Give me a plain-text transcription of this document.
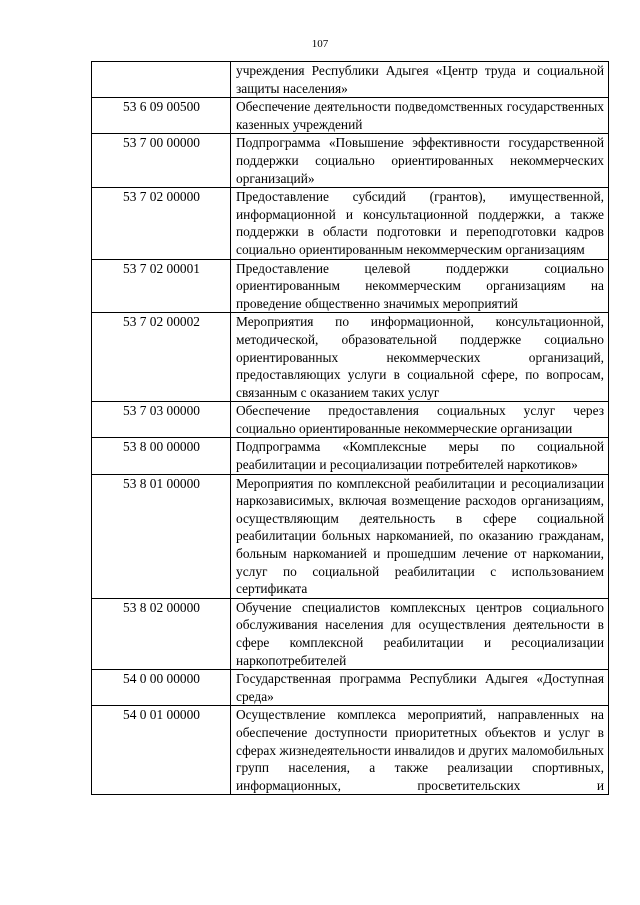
107
	учреждения Республики Адыгея «Центр труда и социальной защиты населения»
53 6 09 00500	Обеспечение деятельности подведомственных государственных казенных учреждений
53 7 00 00000	Подпрограмма «Повышение эффективности государственной поддержки социально ориентированных некоммерческих организаций»
53 7 02 00000	Предоставление субсидий (грантов), имущественной, информационной и консультационной поддержки, а также поддержки в области подготовки и переподготовки кадров социально ориентированным некоммерческим организациям
53 7 02 00001	Предоставление целевой поддержки социально ориентированным некоммерческим организациям на проведение общественно значимых мероприятий
53 7 02 00002	Мероприятия по информационной, консультационной, методической, образовательной поддержке социально ориентированных некоммерческих организаций, предоставляющих услуги в социальной сфере, по вопросам, связанным с оказанием таких услуг
53 7 03 00000	Обеспечение предоставления социальных услуг через социально ориентированные некоммерческие организации
53 8 00 00000	Подпрограмма «Комплексные меры по социальной реабилитации и ресоциализации потребителей наркотиков»
53 8 01 00000	Мероприятия по комплексной реабилитации и ресоциализации наркозависимых, включая возмещение расходов организациям, осуществляющим деятельность в сфере социальной реабилитации больных наркоманией, по оказанию гражданам, больным наркоманией и прошедшим лечение от наркомании, услуг по социальной реабилитации с использованием сертификата
53 8 02 00000	Обучение специалистов комплексных центров социального обслуживания населения для осуществления деятельности в сфере комплексной реабилитации и ресоциализации наркопотребителей
54 0 00 00000	Государственная программа Республики Адыгея «Доступная среда»
54 0 01 00000	Осуществление комплекса мероприятий, направленных на обеспечение доступности приоритетных объектов и услуг в сферах жизнедеятельности инвалидов и других маломобильных групп населения, а также реализации спортивных, информационных, просветительских и
